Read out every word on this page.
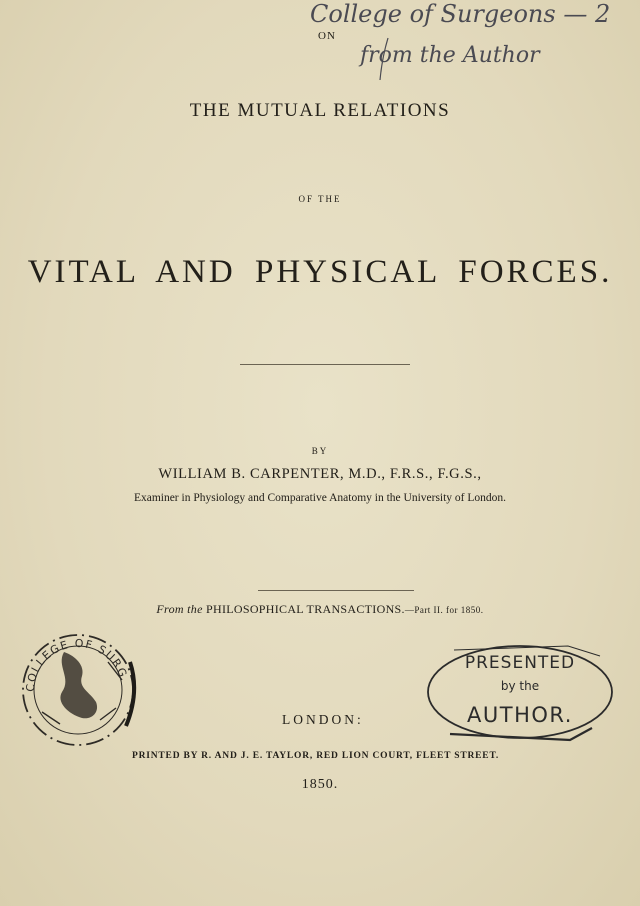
College of Surgeons — 2
from the Author
ON
THE MUTUAL RELATIONS
OF THE
VITAL AND PHYSICAL FORCES.
BY
WILLIAM B. CARPENTER, M.D., F.R.S., F.G.S.,
Examiner in Physiology and Comparative Anatomy in the University of London.
From the PHILOSOPHICAL TRANSACTIONS.—Part II. for 1850.
COLLEGE OF SURG
LONDON:
PRESENTED
by the
AUTHOR.
PRINTED BY R. AND J. E. TAYLOR, RED LION COURT, FLEET STREET.
1850.
